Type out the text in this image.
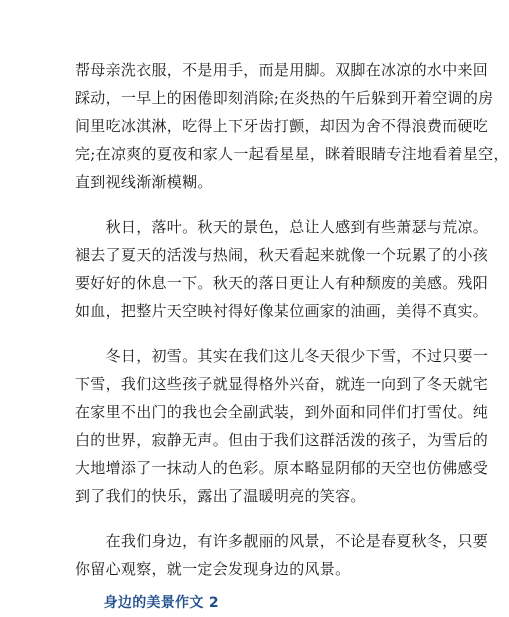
帮母亲洗衣服，不是用手，而是用脚。双脚在冰凉的水中来回

踩动，一早上的困倦即刻消除;在炎热的午后躲到开着空调的房

间里吃冰淇淋，吃得上下牙齿打颤，却因为舍不得浪费而硬吃

完;在凉爽的夏夜和家人一起看星星，眯着眼睛专注地看着星空，

直到视线渐渐模糊。

　　秋日，落叶。秋天的景色，总让人感到有些萧瑟与荒凉。

褪去了夏天的活泼与热闹，秋天看起来就像一个玩累了的小孩

要好好的休息一下。秋天的落日更让人有种颓废的美感。残阳

如血，把整片天空映衬得好像某位画家的油画，美得不真实。

　　冬日，初雪。其实在我们这儿冬天很少下雪，不过只要一

下雪，我们这些孩子就显得格外兴奋，就连一向到了冬天就宅

在家里不出门的我也会全副武装，到外面和同伴们打雪仗。纯

白的世界，寂静无声。但由于我们这群活泼的孩子，为雪后的

大地增添了一抹动人的色彩。原本略显阴郁的天空也仿佛感受

到了我们的快乐，露出了温暖明亮的笑容。

　　在我们身边，有许多靓丽的风景，不论是春夏秋冬，只要

你留心观察，就一定会发现身边的风景。

　　身边的美景作文 2
